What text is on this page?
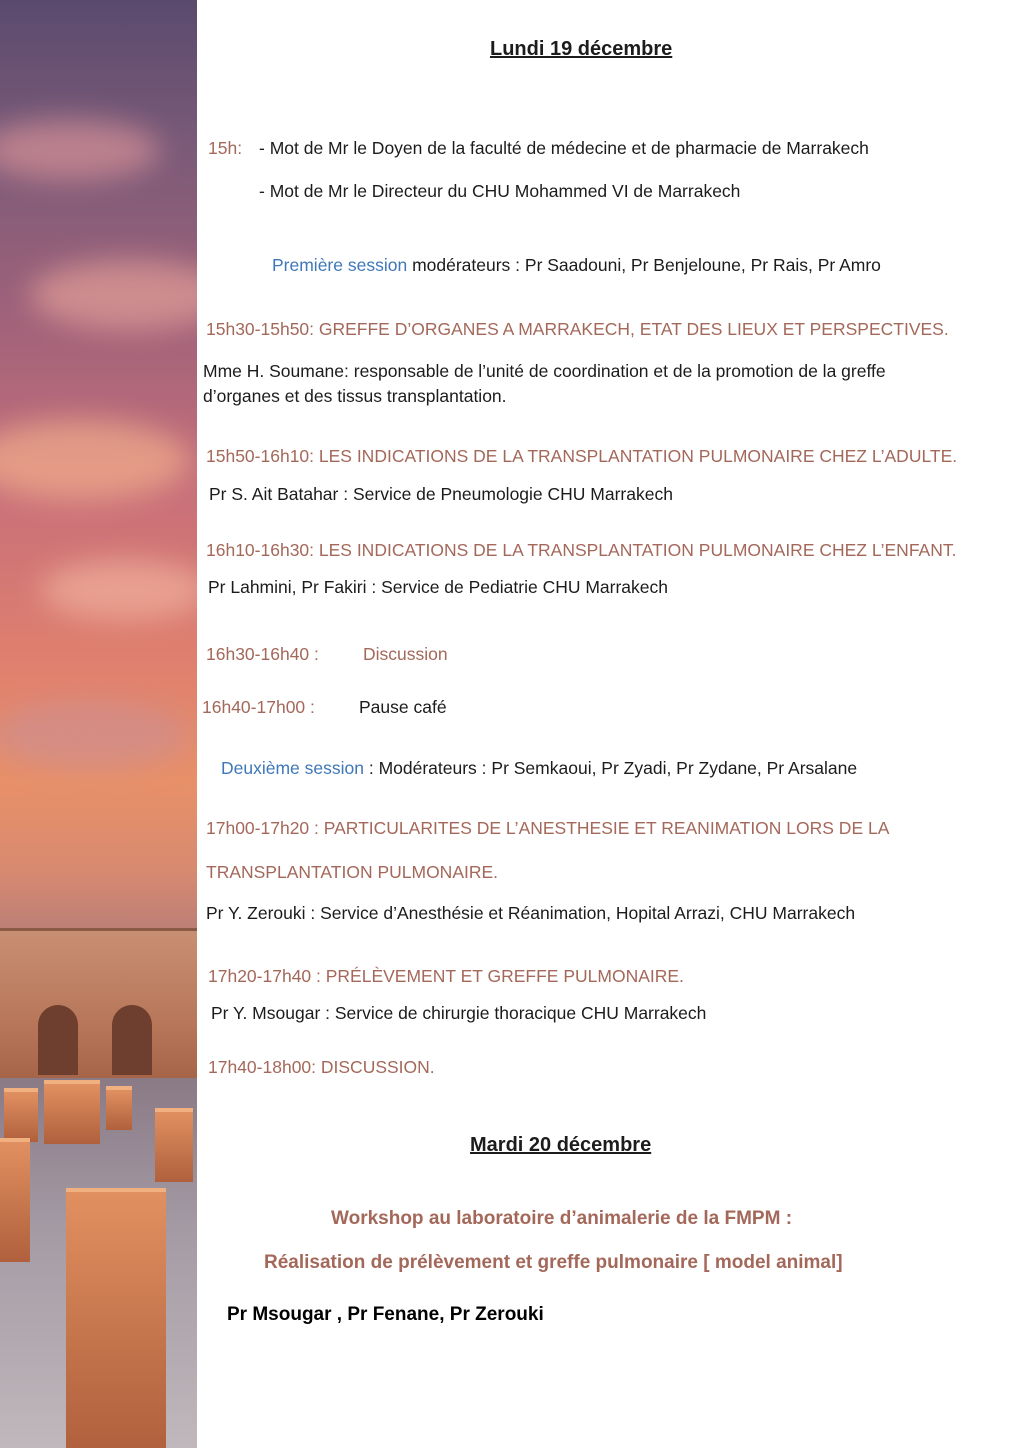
Lundi 19 décembre
15h: - Mot de Mr le Doyen de la faculté de médecine et de pharmacie de Marrakech
- Mot de Mr le Directeur du CHU Mohammed VI de Marrakech
Première session modérateurs : Pr Saadouni, Pr Benjeloune, Pr Rais, Pr Amro
15h30-15h50: GREFFE D’ORGANES A MARRAKECH, ETAT DES LIEUX ET PERSPECTIVES.
Mme H. Soumane: responsable de l’unité de coordination et de la promotion de la greffe
d’organes et des tissus transplantation.
15h50-16h10: LES INDICATIONS DE LA TRANSPLANTATION PULMONAIRE CHEZ L’ADULTE.
Pr S. Ait Batahar : Service de Pneumologie CHU Marrakech
16h10-16h30: LES INDICATIONS DE LA TRANSPLANTATION PULMONAIRE CHEZ L’ENFANT.
Pr Lahmini, Pr Fakiri : Service de Pediatrie CHU Marrakech
16h30-16h40 :	Discussion
16h40-17h00 :	Pause café
Deuxième session : Modérateurs : Pr Semkaoui, Pr Zyadi, Pr Zydane, Pr Arsalane
17h00-17h20 : PARTICULARITES DE L’ANESTHESIE ET REANIMATION LORS DE LA
TRANSPLANTATION PULMONAIRE.
Pr Y. Zerouki : Service d’Anesthésie et Réanimation, Hopital Arrazi, CHU Marrakech
17h20-17h40 : PRÉLÈVEMENT ET GREFFE PULMONAIRE.
Pr Y. Msougar : Service de chirurgie thoracique CHU Marrakech
17h40-18h00: DISCUSSION.
Mardi 20 décembre
Workshop au laboratoire d’animalerie de la FMPM :
Réalisation de prélèvement et greffe pulmonaire [ model animal]
Pr Msougar , Pr Fenane, Pr Zerouki
